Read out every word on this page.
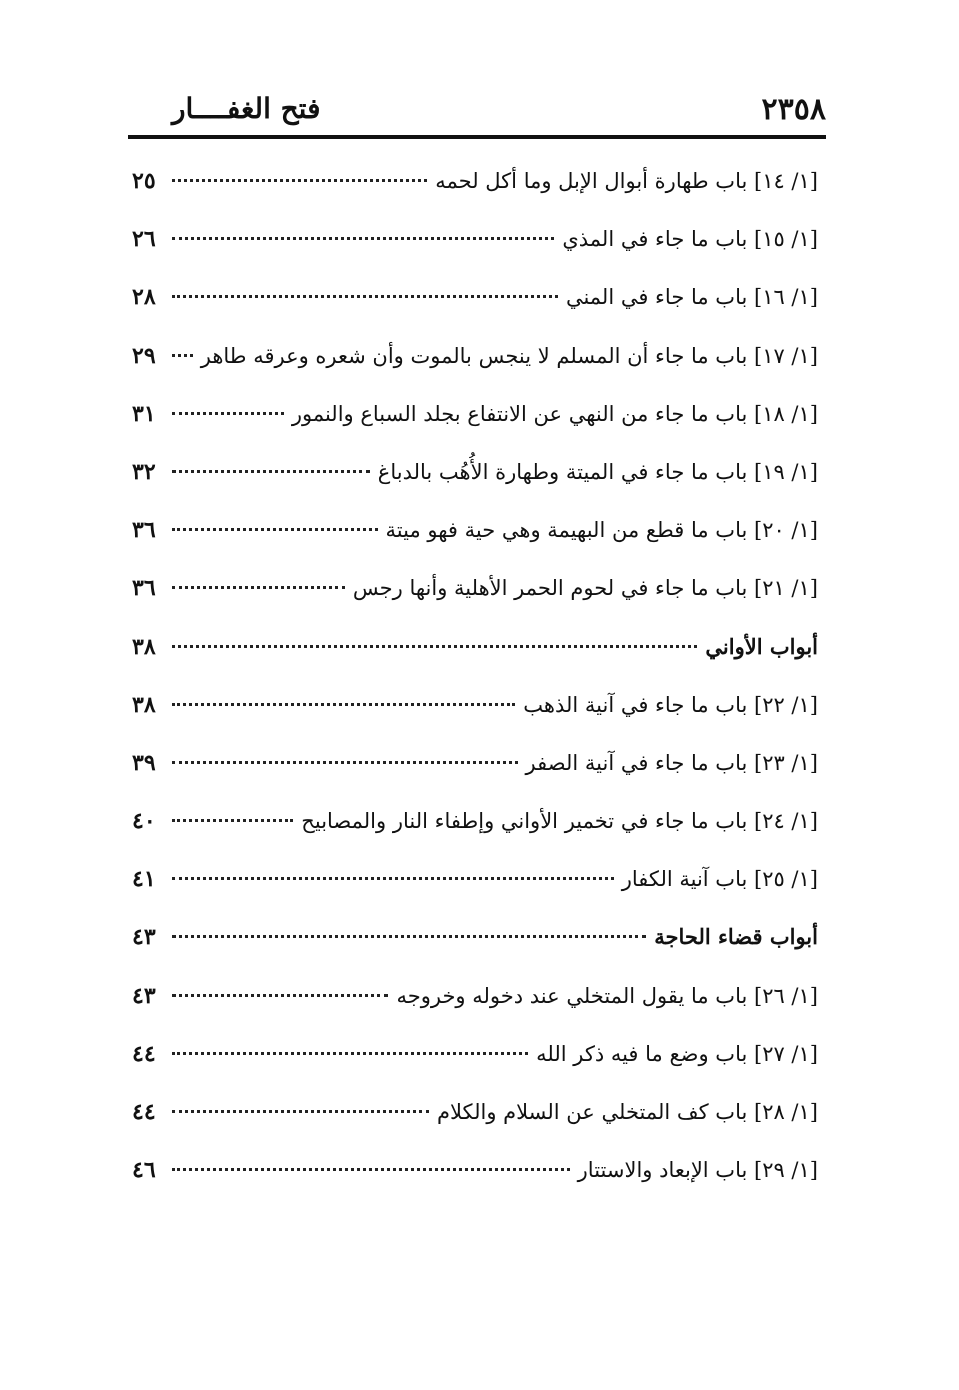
٢٣٥٨
فتح الغفــــار
[١/ ١٤] باب طهارة أبوال الإبل وما أكل لحمه
٢٥
[١/ ١٥] باب ما جاء في المذي
٢٦
[١/ ١٦] باب ما جاء في المني
٢٨
[١/ ١٧] باب ما جاء أن المسلم لا ينجس بالموت وأن شعره وعرقه طاهر
٢٩
[١/ ١٨] باب ما جاء من النهي عن الانتفاع بجلد السباع والنمور
٣١
[١/ ١٩] باب ما جاء في الميتة وطهارة الأُهُب بالدباغ
٣٢
[١/ ٢٠] باب ما قطع من البهيمة وهي حية فهو ميتة
٣٦
[١/ ٢١] باب ما جاء في لحوم الحمر الأهلية وأنها رجس
٣٦
أبواب الأواني
٣٨
[١/ ٢٢] باب ما جاء في آنية الذهب
٣٨
[١/ ٢٣] باب ما جاء في آنية الصفر
٣٩
[١/ ٢٤] باب ما جاء في تخمير الأواني وإطفاء النار والمصابيح
٤٠
[١/ ٢٥] باب آنية الكفار
٤١
أبواب قضاء الحاجة
٤٣
[١/ ٢٦] باب ما يقول المتخلي عند دخوله وخروجه
٤٣
[١/ ٢٧] باب وضع ما فيه ذكر الله
٤٤
[١/ ٢٨] باب كف المتخلي عن السلام والكلام
٤٤
[١/ ٢٩] باب الإبعاد والاستتار
٤٦
